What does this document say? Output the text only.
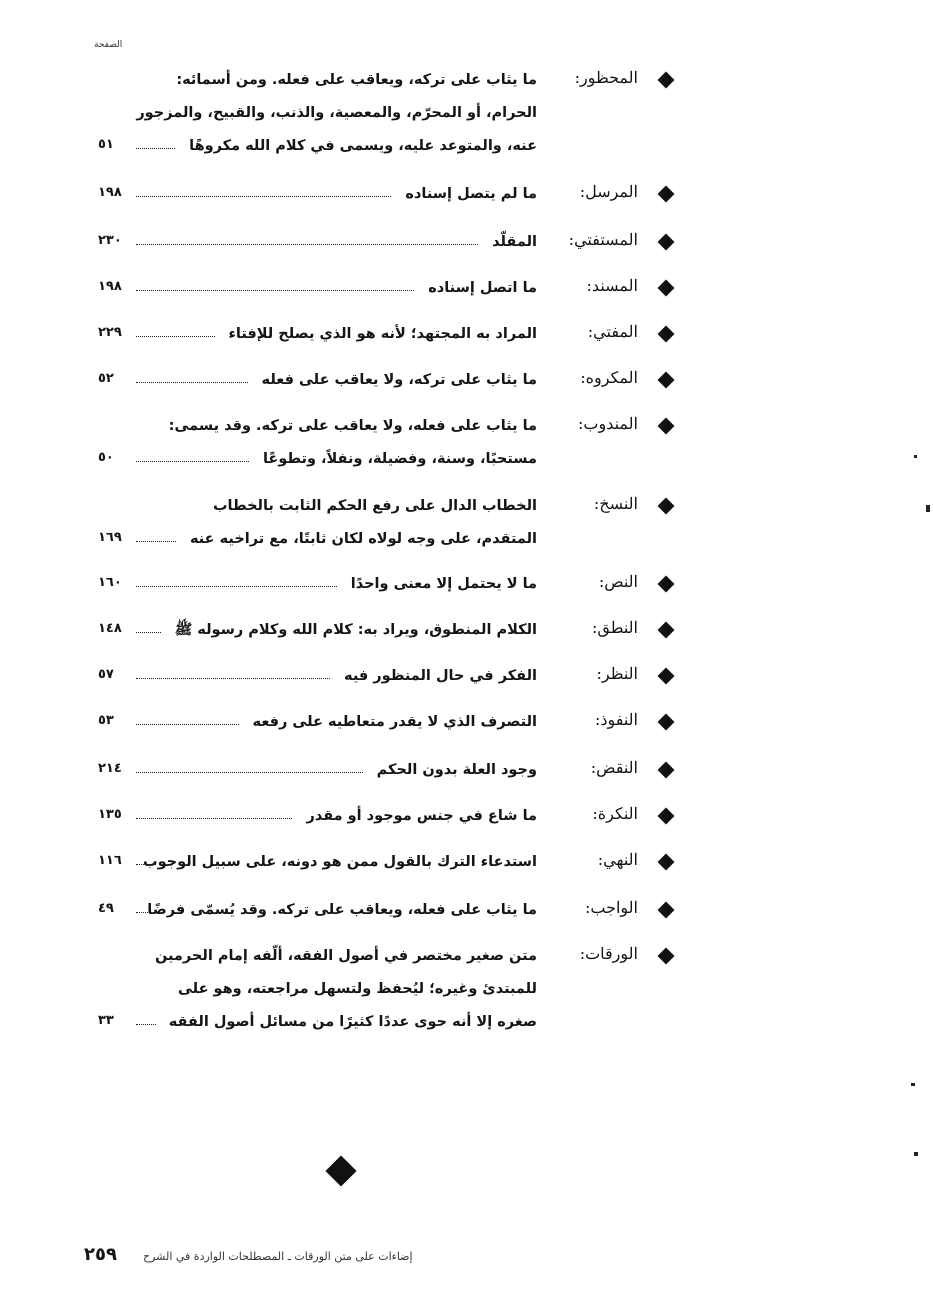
الصفحة
المحظور:
ما يثاب على تركه، ويعاقب على فعله. ومن أسمائه:
الحرام، أو المحرّم، والمعصية، والذنب، والقبيح، والمزجور
عنه، والمتوعد عليه، ويسمى في كلام الله مكروهًا
٥١
المرسل:
ما لم يتصل إسناده
١٩٨
المستفتي:
المقلّد
٢٣٠
المسند:
ما اتصل إسناده
١٩٨
المفتي:
المراد به المجتهد؛ لأنه هو الذي يصلح للإفتاء
٢٢٩
المكروه:
ما يثاب على تركه، ولا يعاقب على فعله
٥٢
المندوب:
ما يثاب على فعله، ولا يعاقب على تركه. وقد يسمى:
مستحبًا، وسنة، وفضيلة، ونفلاً، وتطوعًا
٥٠
النسخ:
الخطاب الدال على رفع الحكم الثابت بالخطاب
المتقدم، على وجه لولاه لكان ثابتًا، مع تراخيه عنه
١٦٩
النص:
ما لا يحتمل إلا معنى واحدًا
١٦٠
النطق:
الكلام المنطوق، ويراد به: كلام الله وكلام رسوله ﷺ
١٤٨
النظر:
الفكر في حال المنظور فيه
٥٧
النفوذ:
التصرف الذي لا يقدر متعاطيه على رفعه
٥٣
النقض:
وجود العلة بدون الحكم
٢١٤
النكرة:
ما شاع في جنس موجود أو مقدر
١٣٥
النهي:
استدعاء الترك بالقول ممن هو دونه، على سبيل الوجوب
١١٦
الواجب:
ما يثاب على فعله، ويعاقب على تركه. وقد يُسمّى فرضًا
٤٩
الورقات:
متن صغير مختصر في أصول الفقه، ألّفه إمام الحرمين
للمبتدئ وغيره؛ ليُحفظ ولتسهل مراجعته، وهو على
صغره إلا أنه حوى عددًا كثيرًا من مسائل أصول الفقه
٣٣
٢٥٩ إضاءات على متن الورقات ـ المصطلحات الواردة في الشرح
